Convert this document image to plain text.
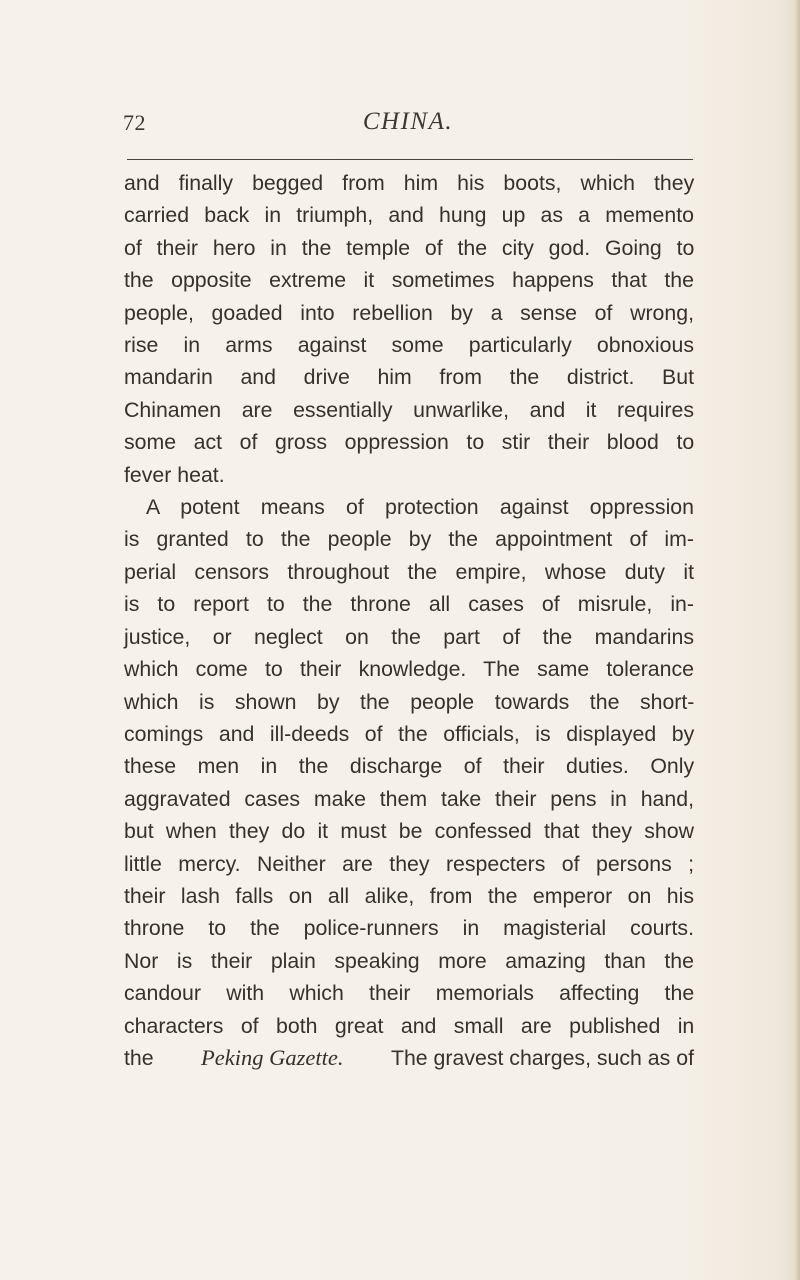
72	CHINA.

and finally begged from him his boots, which they
carried back in triumph, and hung up as a memento
of their hero in the temple of the city god. Going to
the opposite extreme it sometimes happens that the
people, goaded into rebellion by a sense of wrong,
rise in arms against some particularly obnoxious
mandarin and drive him from the district. But
Chinamen are essentially unwarlike, and it requires
some act of gross oppression to stir their blood to
fever heat.

A potent means of protection against oppression
is granted to the people by the appointment of im-
perial censors throughout the empire, whose duty it
is to report to the throne all cases of misrule, in-
justice, or neglect on the part of the mandarins
which come to their knowledge. The same tolerance
which is shown by the people towards the short-
comings and ill-deeds of the officials, is displayed by
these men in the discharge of their duties. Only
aggravated cases make them take their pens in hand,
but when they do it must be confessed that they show
little mercy. Neither are they respecters of persons ;
their lash falls on all alike, from the emperor on his
throne to the police-runners in magisterial courts.
Nor is their plain speaking more amazing than the
candour with which their memorials affecting the
characters of both great and small are published in
the Peking Gazette. The gravest charges, such as of
